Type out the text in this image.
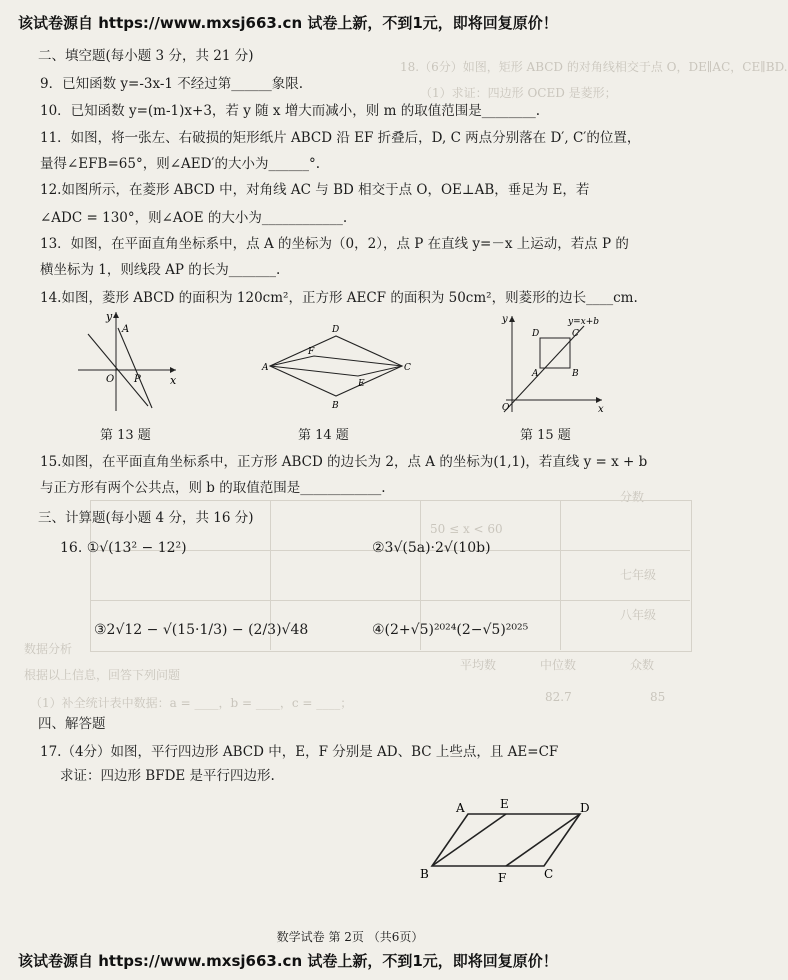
该试卷源自 https://www.mxsj663.cn 试卷上新，不到1元，即将回复原价！
18.（6分）如图，矩形 ABCD 的对角线相交于点 O，DE∥AC，CE∥BD.
（1）求证：四边形 OCED 是菱形；
分数
50 ≤ x < 60
八年级
七年级
数据分析
根据以上信息，回答下列问题
（1）补全统计表中数据：a = ____，b = ____，c = ____；
平均数	中位数	众数
82.7	85
二、填空题(每小题 3 分，共 21 分)
9．已知函数 y=-3x-1 不经过第______象限.
10．已知函数 y=(m-1)x+3，若 y 随 x 增大而减小，则 m 的取值范围是________.
11．如图，将一张左、右破损的矩形纸片 ABCD 沿 EF 折叠后，D, C 两点分别落在 D′, C′的位置，
量得∠EFB=65°，则∠AED′的大小为______°.
12.如图所示，在菱形 ABCD 中，对角线 AC 与 BD 相交于点 O，OE⊥AB，垂足为 E，若
∠ADC = 130°，则∠AOE 的大小为____________.
13．如图，在平面直角坐标系中，点 A 的坐标为（0，2），点 P 在直线 y=－x 上运动，若点 P 的
横坐标为 1，则线段 AP 的长为_______.
14.如图，菱形 ABCD 的面积为 120cm²，正方形 AECF 的面积为 50cm²，则菱形的边长____cm.
y
x
O P
A
第 13 题
A
D
C
B
F
E
第 14 题
y
x
O
A	B
C
D
y=x+b
第 15 题
15.如图，在平面直角坐标系中，正方形 ABCD 的边长为 2，点 A 的坐标为(1,1)，若直线 y = x + b
与正方形有两个公共点，则 b 的取值范围是____________.
三、计算题(每小题 4 分，共 16 分)
16. ①√(13² − 12²)	②3√(5a)·2√(10b)
③2√12 − √(15·1/3) − (2/3)√48	④(2+√5)²⁰²⁴(2−√5)²⁰²⁵
四、解答题
17.（4分）如图，平行四边形 ABCD 中，E，F 分别是 AD、BC 上些点，且 AE=CF
求证：四边形 BFDE 是平行四边形.
A	E	D
B	F	C
数学试卷 第 2页 （共6页）
该试卷源自 https://www.mxsj663.cn 试卷上新，不到1元，即将回复原价！
